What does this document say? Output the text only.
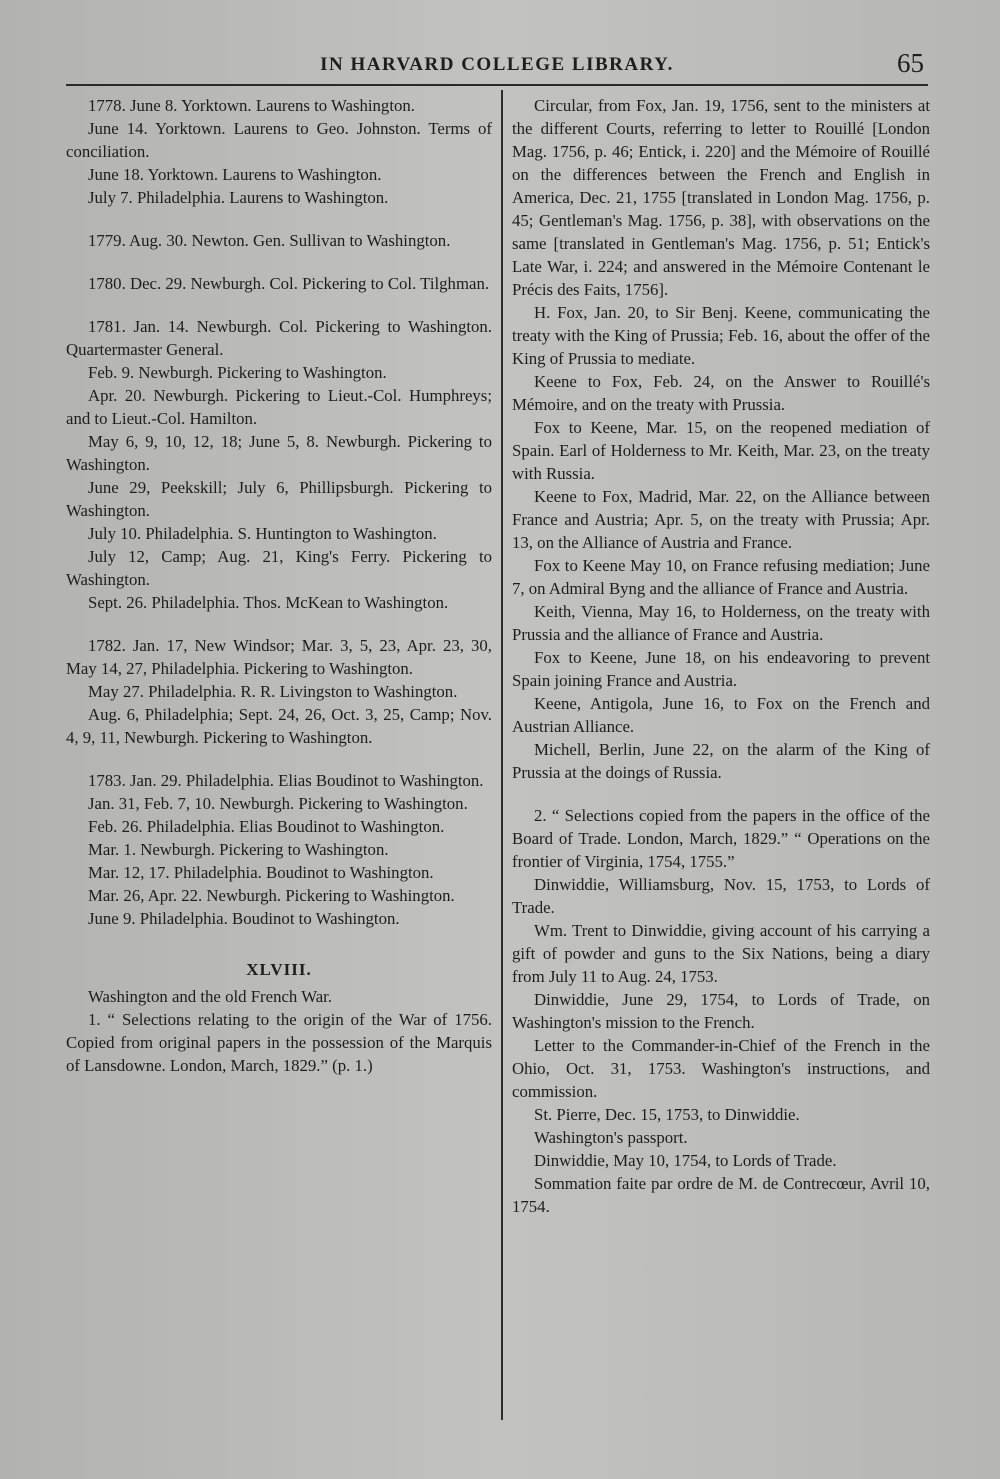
IN HARVARD COLLEGE LIBRARY.	65

1778. June 8. Yorktown. Laurens to Washington.

June 14. Yorktown. Laurens to Geo. Johnston. Terms of conciliation.

June 18. Yorktown. Laurens to Washington.

July 7. Philadelphia. Laurens to Washington.

1779. Aug. 30. Newton. Gen. Sullivan to Washington.

1780. Dec. 29. Newburgh. Col. Pickering to Col. Tilghman.

1781. Jan. 14. Newburgh. Col. Pickering to Washington. Quartermaster General.

Feb. 9. Newburgh. Pickering to Washington.

Apr. 20. Newburgh. Pickering to Lieut.-Col. Humphreys; and to Lieut.-Col. Hamilton.

May 6, 9, 10, 12, 18; June 5, 8. Newburgh. Pickering to Washington.

June 29, Peekskill; July 6, Phillipsburgh. Pickering to Washington.

July 10. Philadelphia. S. Huntington to Washington.

July 12, Camp; Aug. 21, King's Ferry. Pickering to Washington.

Sept. 26. Philadelphia. Thos. McKean to Washington.

1782. Jan. 17, New Windsor; Mar. 3, 5, 23, Apr. 23, 30, May 14, 27, Philadelphia. Pickering to Washington.

May 27. Philadelphia. R. R. Livingston to Washington.

Aug. 6, Philadelphia; Sept. 24, 26, Oct. 3, 25, Camp; Nov. 4, 9, 11, Newburgh. Pickering to Washington.

1783. Jan. 29. Philadelphia. Elias Boudinot to Washington.

Jan. 31, Feb. 7, 10. Newburgh. Pickering to Washington.

Feb. 26. Philadelphia. Elias Boudinot to Washington.

Mar. 1. Newburgh. Pickering to Washington.

Mar. 12, 17. Philadelphia. Boudinot to Washington.

Mar. 26, Apr. 22. Newburgh. Pickering to Washington.

June 9. Philadelphia. Boudinot to Washington.

XLVIII.

Washington and the old French War.

1. “ Selections relating to the origin of the War of 1756. Copied from original papers in the possession of the Marquis of Lansdowne. London, March, 1829.” (p. 1.)

Circular, from Fox, Jan. 19, 1756, sent to the ministers at the different Courts, referring to letter to Rouillé [London Mag. 1756, p. 46; Entick, i. 220] and the Mémoire of Rouillé on the differences between the French and English in America, Dec. 21, 1755 [translated in London Mag. 1756, p. 45; Gentleman's Mag. 1756, p. 38], with observations on the same [translated in Gentleman's Mag. 1756, p. 51; Entick's Late War, i. 224; and answered in the Mémoire Contenant le Précis des Faits, 1756].

H. Fox, Jan. 20, to Sir Benj. Keene, communicating the treaty with the King of Prussia; Feb. 16, about the offer of the King of Prussia to mediate.

Keene to Fox, Feb. 24, on the Answer to Rouillé's Mémoire, and on the treaty with Prussia.

Fox to Keene, Mar. 15, on the reopened mediation of Spain. Earl of Holderness to Mr. Keith, Mar. 23, on the treaty with Russia.

Keene to Fox, Madrid, Mar. 22, on the Alliance between France and Austria; Apr. 5, on the treaty with Prussia; Apr. 13, on the Alliance of Austria and France.

Fox to Keene May 10, on France refusing mediation; June 7, on Admiral Byng and the alliance of France and Austria.

Keith, Vienna, May 16, to Holderness, on the treaty with Prussia and the alliance of France and Austria.

Fox to Keene, June 18, on his endeavoring to prevent Spain joining France and Austria.

Keene, Antigola, June 16, to Fox on the French and Austrian Alliance.

Michell, Berlin, June 22, on the alarm of the King of Prussia at the doings of Russia.

2. “ Selections copied from the papers in the office of the Board of Trade. London, March, 1829.” “ Operations on the frontier of Virginia, 1754, 1755.”

Dinwiddie, Williamsburg, Nov. 15, 1753, to Lords of Trade.

Wm. Trent to Dinwiddie, giving account of his carrying a gift of powder and guns to the Six Nations, being a diary from July 11 to Aug. 24, 1753.

Dinwiddie, June 29, 1754, to Lords of Trade, on Washington's mission to the French.

Letter to the Commander-in-Chief of the French in the Ohio, Oct. 31, 1753. Washington's instructions, and commission.

St. Pierre, Dec. 15, 1753, to Dinwiddie.

Washington's passport.

Dinwiddie, May 10, 1754, to Lords of Trade.

Sommation faite par ordre de M. de Contrecœur, Avril 10, 1754.
